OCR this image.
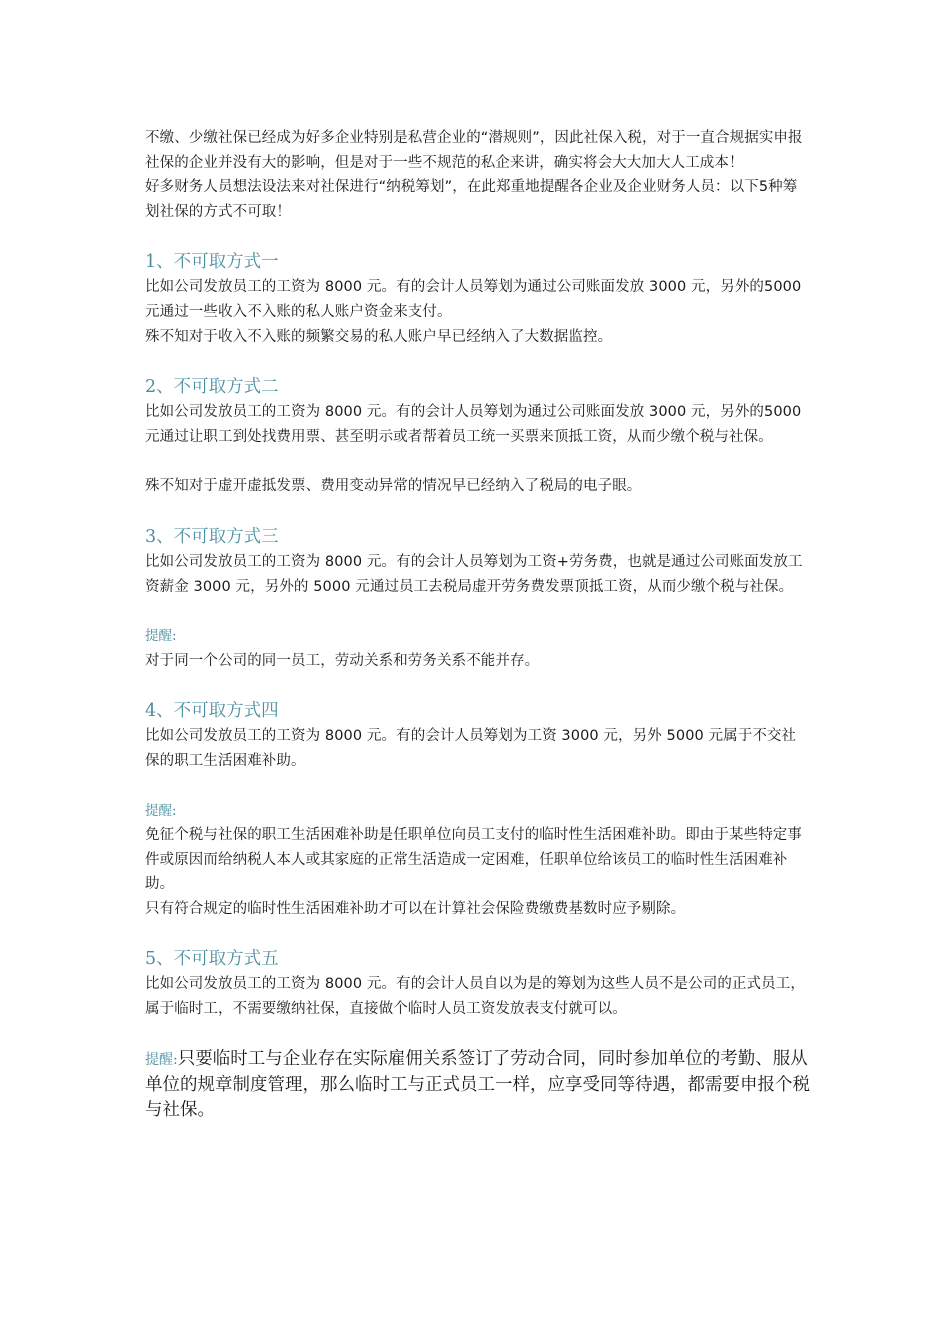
不缴、少缴社保已经成为好多企业特别是私营企业的“潜规则”，因此社保入税，对于一直合规据实申报社保的企业并没有大的影响，但是对于一些不规范的私企来讲，确实将会大大加大人工成本！

好多财务人员想法设法来对社保进行“纳税筹划”，在此郑重地提醒各企业及企业财务人员：以下5种筹划社保的方式不可取！

1、不可取方式一

比如公司发放员工的工资为 8000 元。有的会计人员筹划为通过公司账面发放 3000 元，另外的5000 元通过一些收入不入账的私人账户资金来支付。

殊不知对于收入不入账的频繁交易的私人账户早已经纳入了大数据监控。

2、不可取方式二

比如公司发放员工的工资为 8000 元。有的会计人员筹划为通过公司账面发放 3000 元，另外的5000 元通过让职工到处找费用票、甚至明示或者帮着员工统一买票来顶抵工资，从而少缴个税与社保。

殊不知对于虚开虚抵发票、费用变动异常的情况早已经纳入了税局的电子眼。

3、不可取方式三

比如公司发放员工的工资为 8000 元。有的会计人员筹划为工资+劳务费，也就是通过公司账面发放工资薪金 3000 元，另外的 5000 元通过员工去税局虚开劳务费发票顶抵工资，从而少缴个税与社保。

提醒:

对于同一个公司的同一员工，劳动关系和劳务关系不能并存。

4、不可取方式四

比如公司发放员工的工资为 8000 元。有的会计人员筹划为工资 3000 元，另外 5000 元属于不交社保的职工生活困难补助。

提醒:

免征个税与社保的职工生活困难补助是任职单位向员工支付的临时性生活困难补助。即由于某些特定事件或原因而给纳税人本人或其家庭的正常生活造成一定困难，任职单位给该员工的临时性生活困难补助。

只有符合规定的临时性生活困难补助才可以在计算社会保险费缴费基数时应予剔除。

5、不可取方式五

比如公司发放员工的工资为 8000 元。有的会计人员自以为是的筹划为这些人员不是公司的正式员工，属于临时工，不需要缴纳社保，直接做个临时人员工资发放表支付就可以。

提醒:只要临时工与企业存在实际雇佣关系签订了劳动合同，同时参加单位的考勤、服从单位的规章制度管理，那么临时工与正式员工一样，应享受同等待遇，都需要申报个税与社保。
